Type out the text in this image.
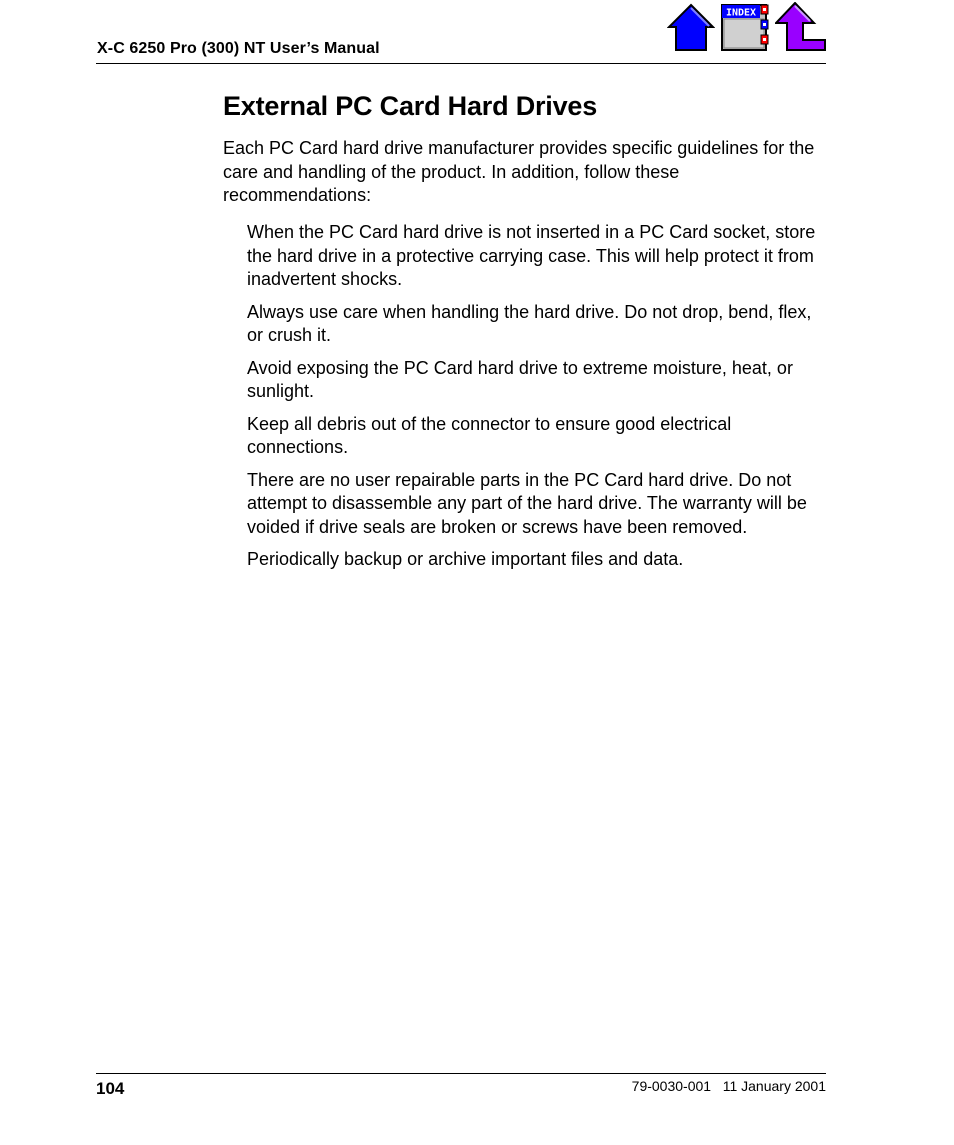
X-C 6250 Pro (300) NT User’s Manual
INDEX
External PC Card Hard Drives
Each PC Card hard drive manufacturer provides specific guidelines for the care and handling of the product. In addition, follow these recommendations:
When the PC Card hard drive is not inserted in a PC Card socket, store the hard drive in a protective carrying case. This will help protect it from inadvertent shocks.
Always use care when handling the hard drive. Do not drop, bend, flex, or crush it.
Avoid exposing the PC Card hard drive to extreme moisture, heat, or sunlight.
Keep all debris out of the connector to ensure good electrical connections.
There are no user repairable parts in the PC Card hard drive. Do not attempt to disassemble any part of the hard drive. The warranty will be voided if drive seals are broken or screws have been removed.
Periodically backup or archive important files and data.
104	79-0030-001   11 January 2001
